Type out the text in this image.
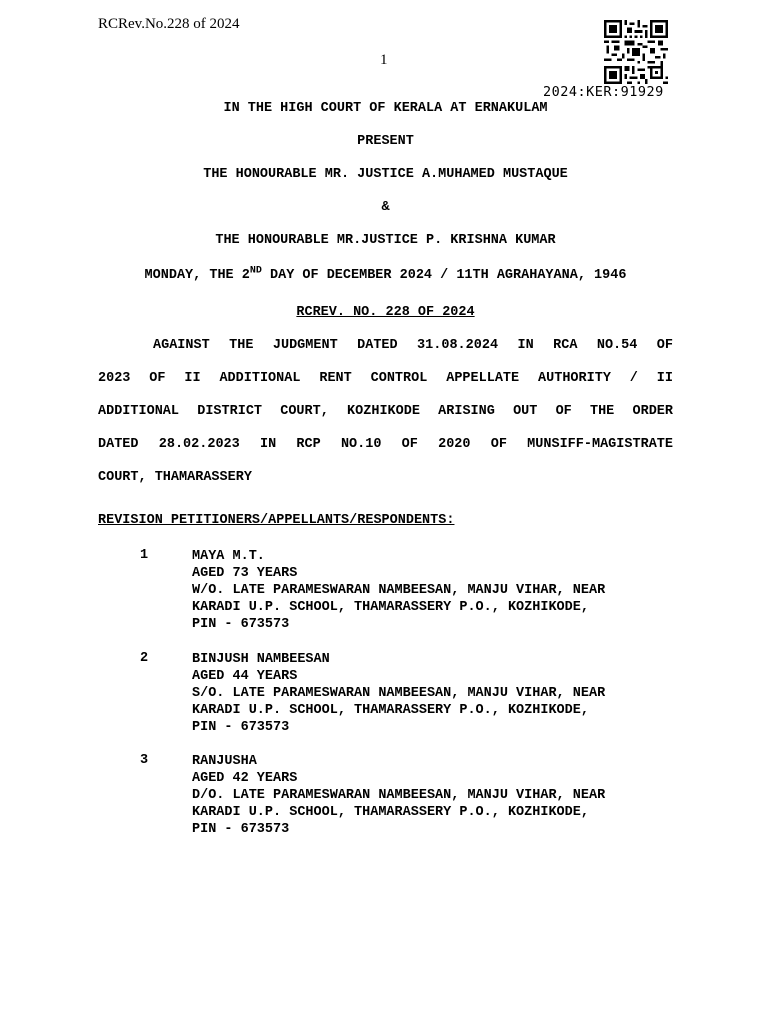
RCRev.No.228 of 2024
1
2024:KER:91929
IN THE HIGH COURT OF KERALA AT ERNAKULAM
PRESENT
THE HONOURABLE MR. JUSTICE A.MUHAMED MUSTAQUE
&
THE HONOURABLE MR.JUSTICE P. KRISHNA KUMAR
MONDAY, THE 2ND DAY OF DECEMBER 2024 / 11TH AGRAHAYANA, 1946
RCREV. NO. 228 OF 2024
AGAINST THE JUDGMENT DATED 31.08.2024 IN RCA NO.54 OF
2023 OF II ADDITIONAL RENT CONTROL APPELLATE AUTHORITY / II
ADDITIONAL DISTRICT COURT, KOZHIKODE ARISING OUT OF THE ORDER
DATED 28.02.2023 IN RCP NO.10 OF 2020 OF MUNSIFF-MAGISTRATE
COURT, THAMARASSERY
REVISION PETITIONERS/APPELLANTS/RESPONDENTS:
1	MAYA M.T.
AGED 73 YEARS
W/O. LATE PARAMESWARAN NAMBEESAN, MANJU VIHAR, NEAR
KARADI U.P. SCHOOL, THAMARASSERY P.O., KOZHIKODE,
PIN - 673573
2	BINJUSH NAMBEESAN
AGED 44 YEARS
S/O. LATE PARAMESWARAN NAMBEESAN, MANJU VIHAR, NEAR
KARADI U.P. SCHOOL, THAMARASSERY P.O., KOZHIKODE,
PIN - 673573
3	RANJUSHA
AGED 42 YEARS
D/O. LATE PARAMESWARAN NAMBEESAN, MANJU VIHAR, NEAR
KARADI U.P. SCHOOL, THAMARASSERY P.O., KOZHIKODE,
PIN - 673573
